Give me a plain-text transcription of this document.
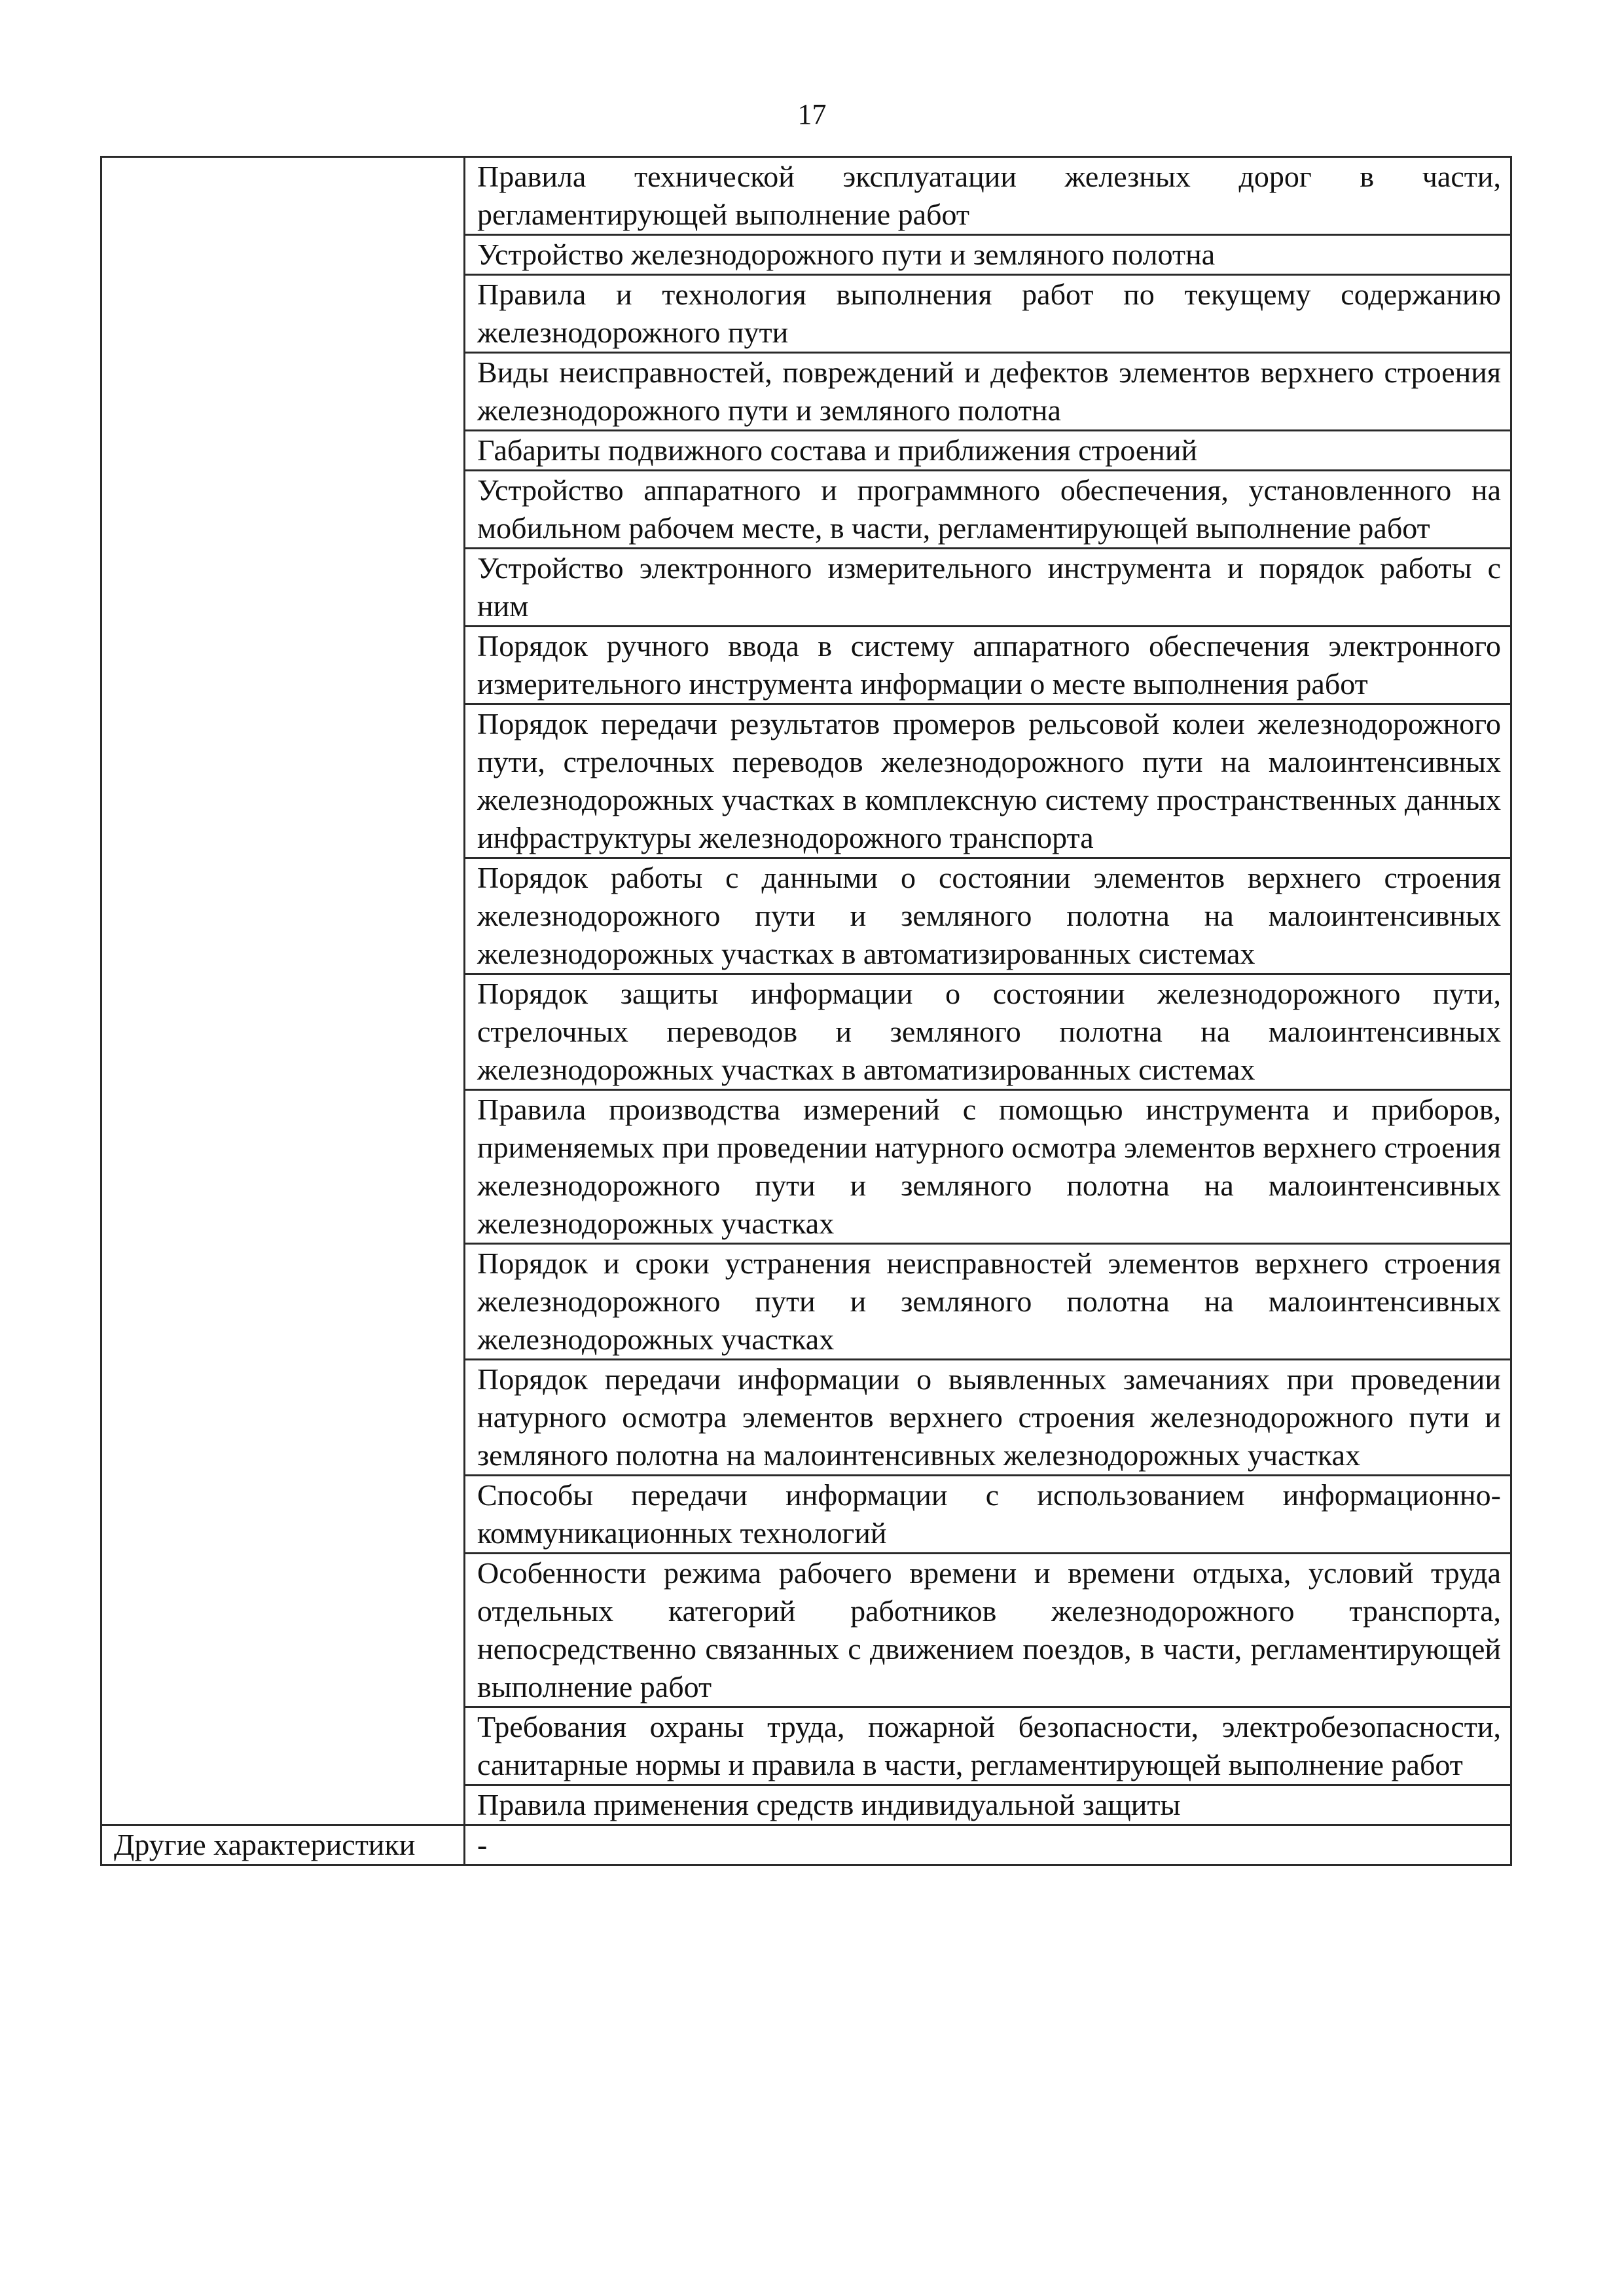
17
	Правила технической эксплуатации железных дорог в части, регламентирующей выполнение работ
	Устройство железнодорожного пути и земляного полотна
	Правила и технология выполнения работ по текущему содержанию железнодорожного пути
	Виды неисправностей, повреждений и дефектов элементов верхнего строения железнодорожного пути и земляного полотна
	Габариты подвижного состава и приближения строений
	Устройство аппаратного и программного обеспечения, установленного на мобильном рабочем месте, в части, регламентирующей выполнение работ
	Устройство электронного измерительного инструмента и порядок работы с ним
	Порядок ручного ввода в систему аппаратного обеспечения электронного измерительного инструмента информации о месте выполнения работ
	Порядок передачи результатов промеров рельсовой колеи железнодорожного пути, стрелочных переводов железнодорожного пути на малоинтенсивных железнодорожных участках в комплексную систему пространственных данных инфраструктуры железнодорожного транспорта
	Порядок работы с данными о состоянии элементов верхнего строения железнодорожного пути и земляного полотна на малоинтенсивных железнодорожных участках в автоматизированных системах
	Порядок защиты информации о состоянии железнодорожного пути, стрелочных переводов и земляного полотна на малоинтенсивных железнодорожных участках в автоматизированных системах
	Правила производства измерений с помощью инструмента и приборов, применяемых при проведении натурного осмотра элементов верхнего строения железнодорожного пути и земляного полотна на малоинтенсивных железнодорожных участках
	Порядок и сроки устранения неисправностей элементов верхнего строения железнодорожного пути и земляного полотна на малоинтенсивных железнодорожных участках
	Порядок передачи информации о выявленных замечаниях при проведении натурного осмотра элементов верхнего строения железнодорожного пути и земляного полотна на малоинтенсивных железнодорожных участках
	Способы передачи информации с использованием информационно-коммуникационных технологий
	Особенности режима рабочего времени и времени отдыха, условий труда отдельных категорий работников железнодорожного транспорта, непосредственно связанных с движением поездов, в части, регламентирующей выполнение работ
	Требования охраны труда, пожарной безопасности, электробезопасности, санитарные нормы и правила в части, регламентирующей выполнение работ
	Правила применения средств индивидуальной защиты
Другие характеристики	-
